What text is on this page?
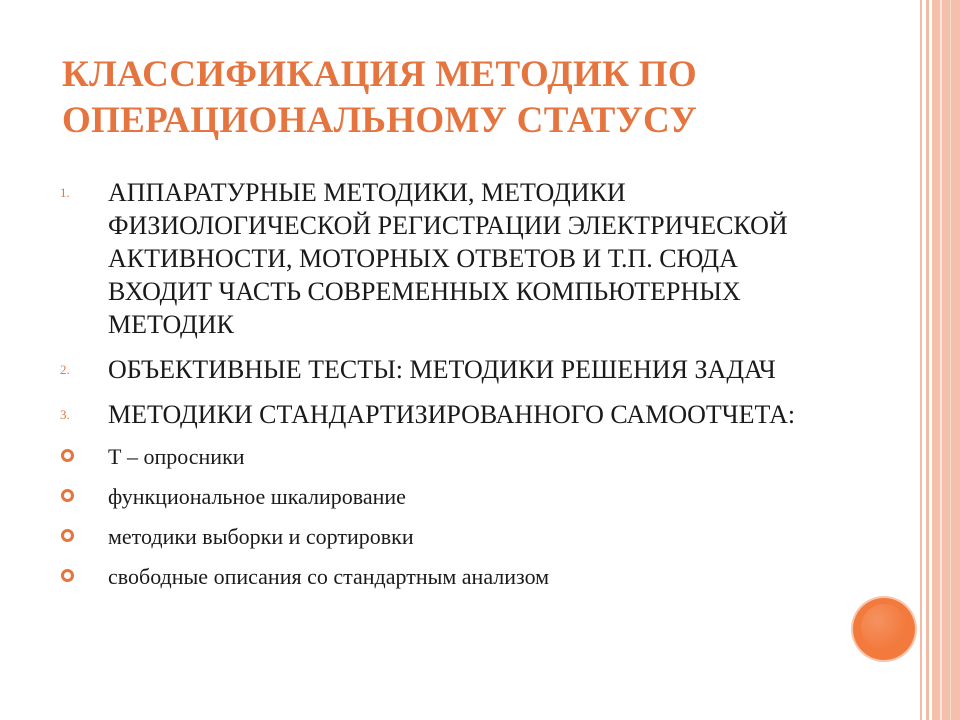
КЛАССИФИКАЦИЯ МЕТОДИК ПО ОПЕРАЦИОНАЛЬНОМУ СТАТУСУ
1. АППАРАТУРНЫЕ МЕТОДИКИ, МЕТОДИКИ ФИЗИОЛОГИЧЕСКОЙ РЕГИСТРАЦИИ ЭЛЕКТРИЧЕСКОЙ АКТИВНОСТИ, МОТОРНЫХ ОТВЕТОВ И Т.П. СЮДА ВХОДИТ ЧАСТЬ СОВРЕМЕННЫХ КОМПЬЮТЕРНЫХ МЕТОДИК
2. ОБЪЕКТИВНЫЕ ТЕСТЫ: МЕТОДИКИ РЕШЕНИЯ ЗАДАЧ
3. МЕТОДИКИ СТАНДАРТИЗИРОВАННОГО САМООТЧЕТА:
Т – опросники
функциональное шкалирование
методики выборки и сортировки
свободные описания со стандартным анализом
